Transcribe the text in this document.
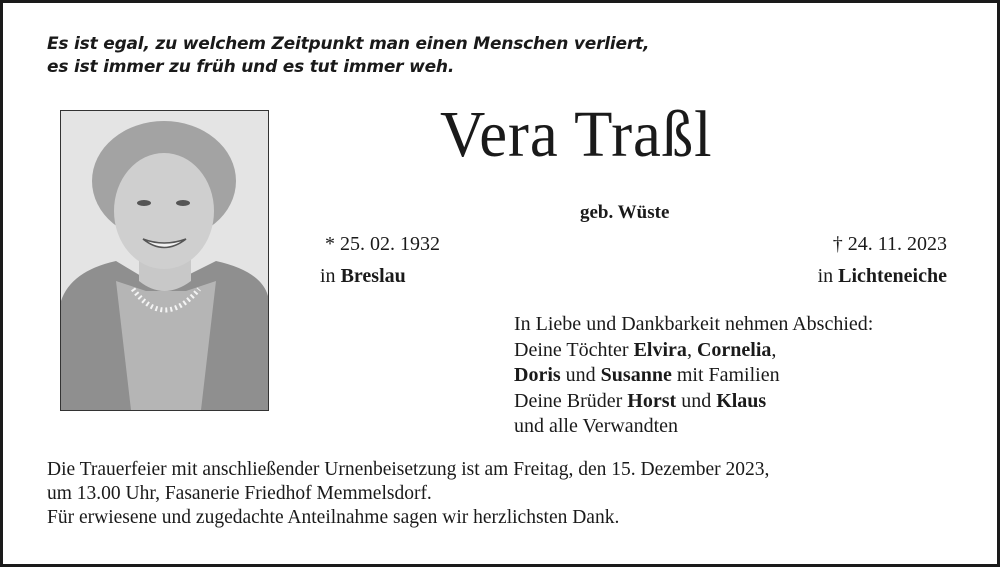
Es ist egal, zu welchem Zeitpunkt man einen Menschen verliert,
es ist immer zu früh und es tut immer weh.
Vera Traßl
geb. Wüste
* 25. 02. 1932
in Breslau
† 24. 11. 2023
in Lichteneiche
In Liebe und Dankbarkeit nehmen Abschied:
Deine Töchter Elvira, Cornelia,
Doris und Susanne mit Familien
Deine Brüder Horst und Klaus
und alle Verwandten
Die Trauerfeier mit anschließender Urnenbeisetzung ist am Freitag, den 15. Dezember 2023,
um 13.00 Uhr, Fasanerie Friedhof Memmelsdorf.
Für erwiesene und zugedachte Anteilnahme sagen wir herzlichsten Dank.
